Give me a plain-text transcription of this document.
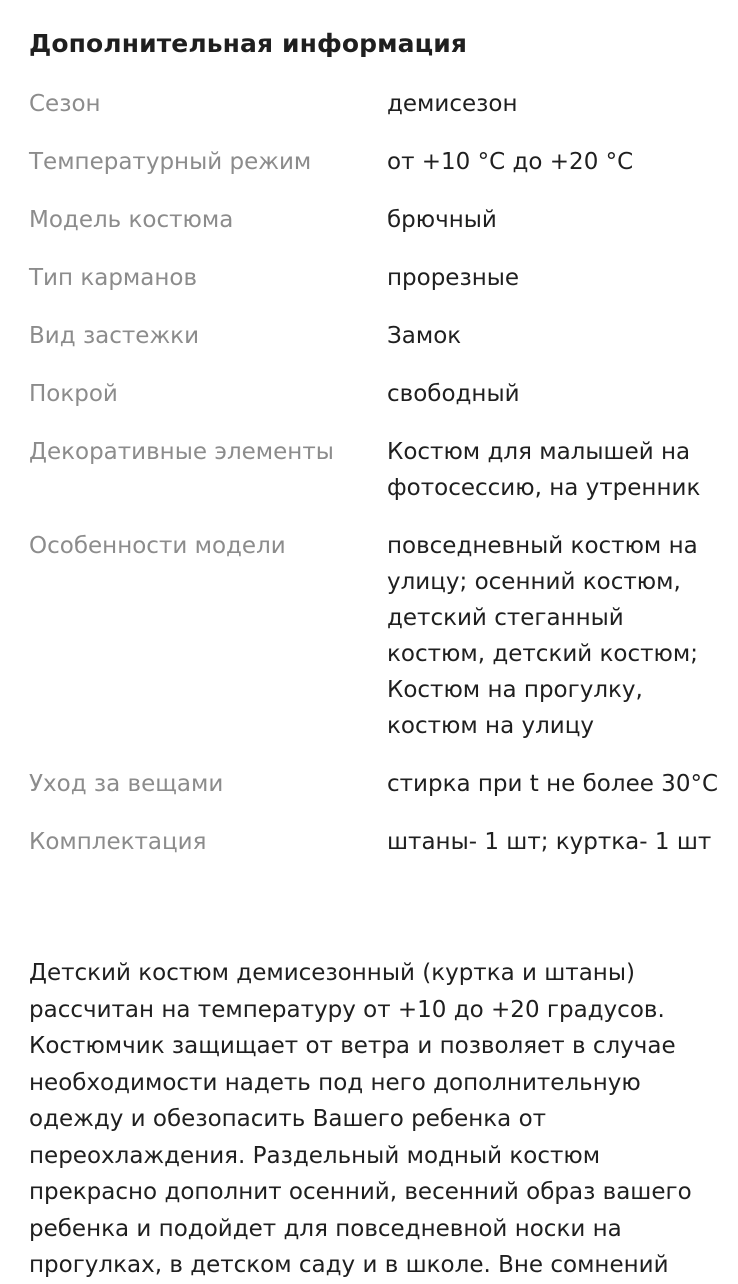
Дополнительная информация
Сезон	демисезон
Температурный режим	от +10 °С до +20 °С
Модель костюма	брючный
Тип карманов	прорезные
Вид застежки	Замок
Покрой	свободный
Декоративные элементы	Костюм для малышей на фотосессию, на утренник
Особенности модели	повседневный костюм на улицу; осенний костюм, детский стеганный костюм, детский костюм; Костюм на прогулку, костюм на улицу
Уход за вещами	стирка при t не более 30°С
Комплектация	штаны- 1 шт; куртка- 1 шт

Детский костюм демисезонный (куртка и штаны) рассчитан на температуру от +10 до +20 градусов. Костюмчик защищает от ветра и позволяет в случае необходимости надеть под него дополнительную одежду и обезопасить Вашего ребенка от переохлаждения. Раздельный модный костюм прекрасно дополнит осенний, весенний образ вашего ребенка и подойдет для повседневной носки на прогулках, в детском саду и в школе. Вне сомнений
